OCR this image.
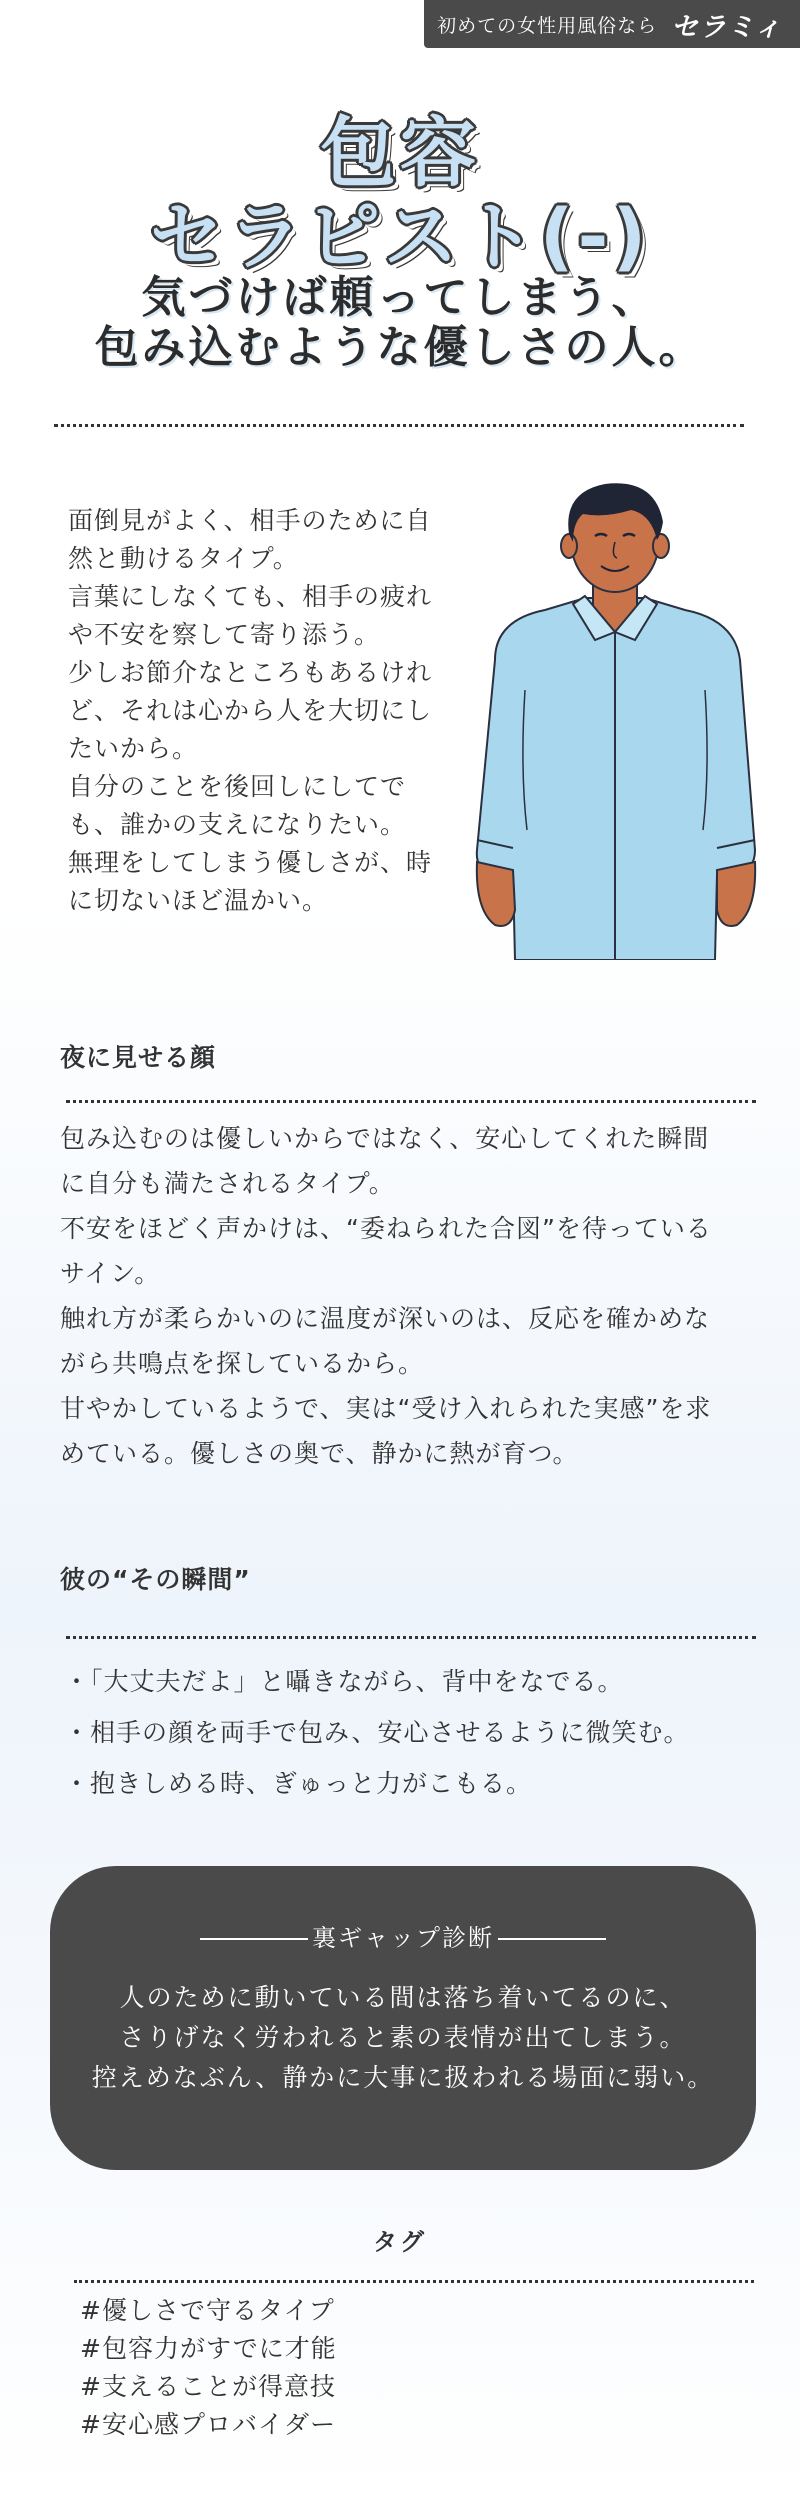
初めての女性用風俗なら セラミィ
包容
セラピスト(-)
気づけば頼ってしまう、
包み込むような優しさの人。

面倒見がよく、相手のために自

然と動けるタイプ。

言葉にしなくても、相手の疲れ

や不安を察して寄り添う。

少しお節介なところもあるけれ

ど、それは心から人を大切にし

たいから。

自分のことを後回しにしてで

も、誰かの支えになりたい。

無理をしてしまう優しさが、時

に切ないほど温かい。

夜に見せる顔

包み込むのは優しいからではなく、安心してくれた瞬間

に自分も満たされるタイプ。

不安をほどく声かけは、“委ねられた合図”を待っている

サイン。

触れ方が柔らかいのに温度が深いのは、反応を確かめな

がら共鳴点を探しているから。

甘やかしているようで、実は“受け入れられた実感”を求

めている。優しさの奥で、静かに熱が育つ。

彼の“その瞬間”
・「大丈夫だよ」と囁きながら、背中をなでる。
・相手の顔を両手で包み、安心させるように微笑む。
・抱きしめる時、ぎゅっと力がこもる。
裏ギャップ診断

人のために動いている間は落ち着いてるのに、

さりげなく労われると素の表情が出てしまう。

控えめなぶん、静かに大事に扱われる場面に弱い。

タグ
#優しさで守るタイプ
#包容力がすでに才能
#支えることが得意技
#安心感プロバイダー
